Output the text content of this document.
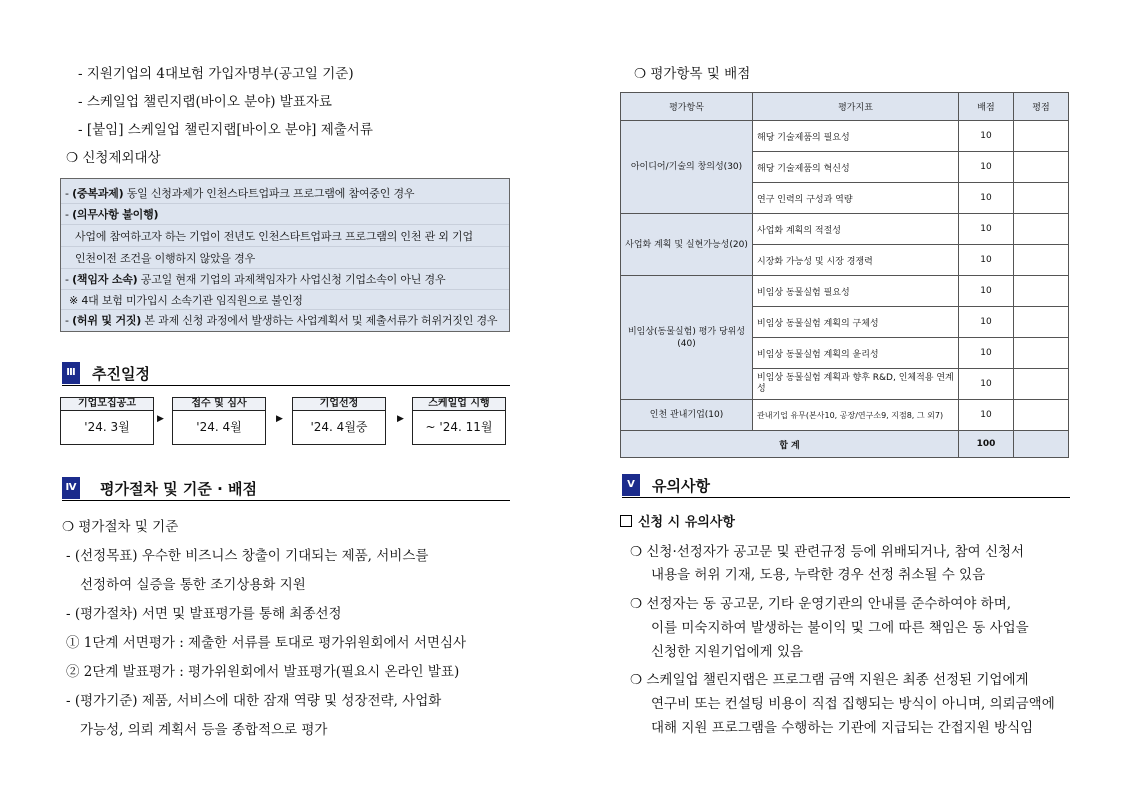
- 지원기업의 4대보험 가입자명부(공고일 기준)
- 스케일업 챌린지랩(바이오 분야) 발표자료
- [붙임] 스케일업 챌린지랩[바이오 분야] 제출서류
❍ 신청제외대상
- (중복과제) 동일 신청과제가 인천스타트업파크 프로그램에 참여중인 경우
- (의무사항 불이행)
사업에 참여하고자 하는 기업이 전년도 인천스타트업파크 프로그램의 인천 관 외 기업
인천이전 조건을 이행하지 않았을 경우
- (책임자 소속) 공고일 현재 기업의 과제책임자가 사업신청 기업소속이 아닌 경우
※ 4대 보험 미가입시 소속기관 임직원으로 불인정
- (허위 및 거짓) 본 과제 신청 과정에서 발생하는 사업계획서 및 제출서류가 허위거짓인 경우
Ⅲ 추진일정
기업모집공고
'24. 3월
▶
접수 및 심사
'24. 4월
▶
기업선정
'24. 4월중
▶
스케일업 시행
~ '24. 11월
Ⅳ 평가절차 및 기준 · 배점
❍ 평가절차 및 기준
- (선정목표) 우수한 비즈니스 창출이 기대되는 제품, 서비스를
선정하여 실증을 통한 조기상용화 지원
- (평가절차) 서면 및 발표평가를 통해 최종선정
① 1단계 서면평가 : 제출한 서류를 토대로 평가위원회에서 서면심사
② 2단계 발표평가 : 평가위원회에서 발표평가(필요시 온라인 발표)
- (평가기준) 제품, 서비스에 대한 잠재 역량 및 성장전략, 사업화
가능성, 의뢰 계획서 등을 종합적으로 평가
❍ 평가항목 및 배점
평가항목	평가지표	배점	평점
아이디어/기술의 창의성(30)	해당 기술제품의 필요성	10	
	해당 기술제품의 혁신성	10	
	연구 인력의 구성과 역량	10	
사업화 계획 및 실현가능성(20)	사업화 계획의 적절성	10	
	시장화 가능성 및 시장 경쟁력	10	
비임상(동물실험) 평가 당위성(40)	비임상 동물실험 필요성	10	
	비임상 동물실험 계획의 구체성	10	
	비임상 동물실험 계획의 윤리성	10	
	비임상 동물실험 계획과 향후 R&D, 인체적용 연계성	10	
인천 관내기업(10)	관내기업 유무(본사10, 공장/연구소9, 지점8, 그 외7)	10	
합 계		100	
Ⅴ	유의사항
신청 시 유의사항
❍ 신청·선정자가 공고문 및 관련규정 등에 위배되거나, 참여 신청서
내용을 허위 기재, 도용, 누락한 경우 선정 취소될 수 있음
❍ 선정자는 동 공고문, 기타 운영기관의 안내를 준수하여야 하며,
이를 미숙지하여 발생하는 불이익 및 그에 따른 책임은 동 사업을
신청한 지원기업에게 있음
❍ 스케일업 챌린지랩은 프로그램 금액 지원은 최종 선정된 기업에게
연구비 또는 컨설팅 비용이 직접 집행되는 방식이 아니며, 의뢰금액에
대해 지원 프로그램을 수행하는 기관에 지급되는 간접지원 방식임
